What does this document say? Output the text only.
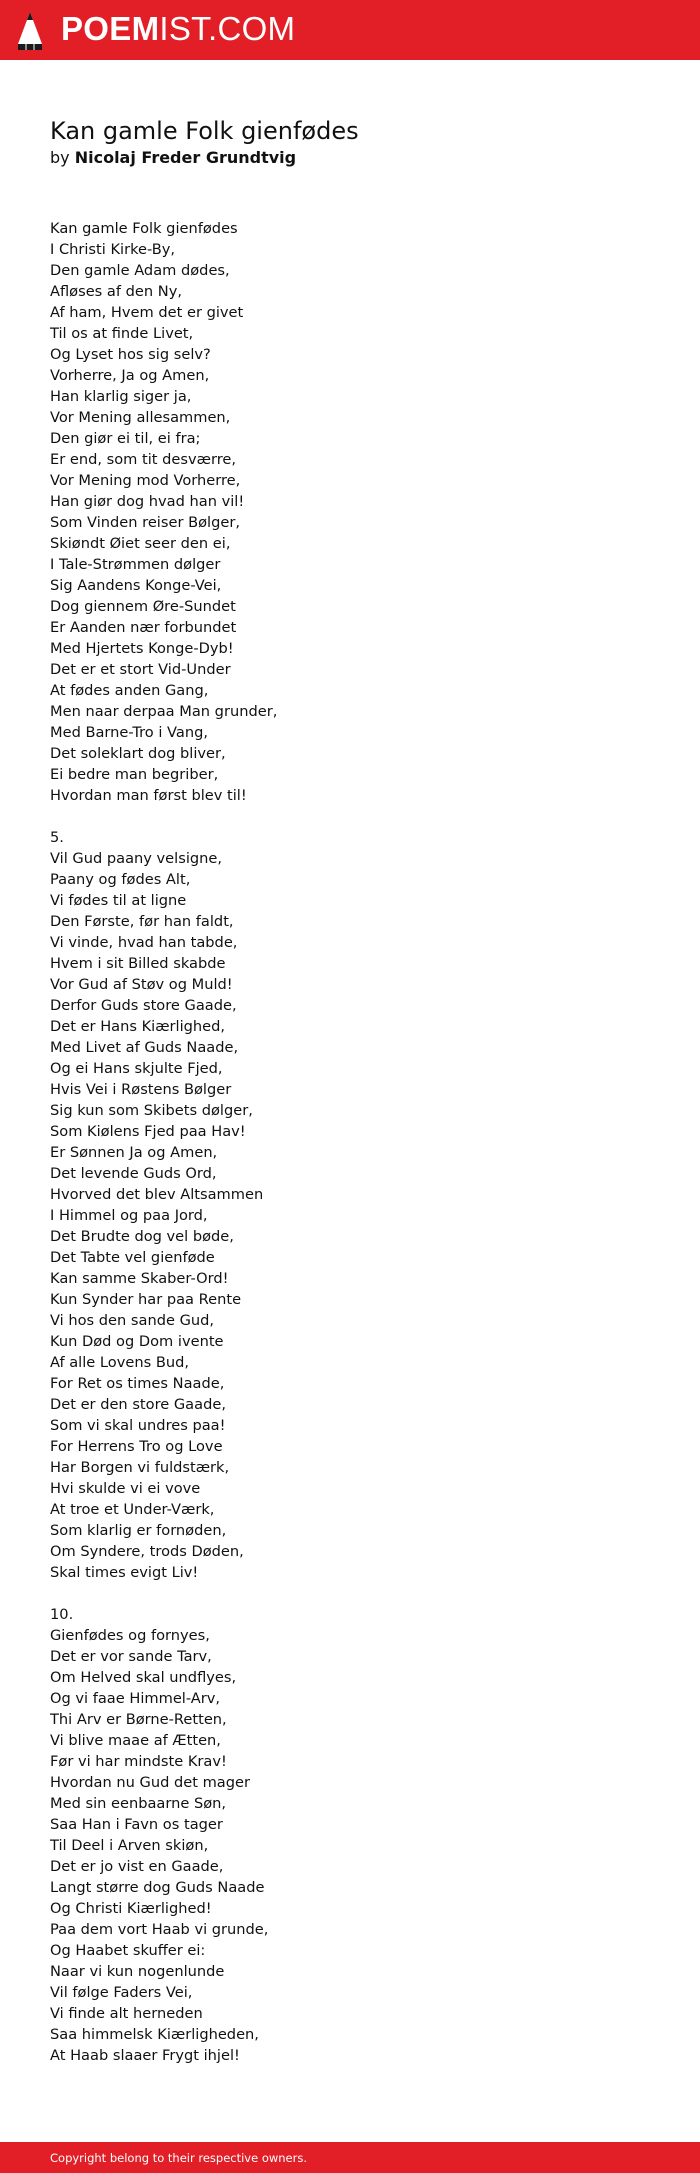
POEMIST.COM
Kan gamle Folk gienfødes
by Nicolaj Freder Grundtvig
Kan gamle Folk gienfødes
I Christi Kirke-By,
Den gamle Adam dødes,
Afløses af den Ny,
Af ham, Hvem det er givet
Til os at finde Livet,
Og Lyset hos sig selv?
Vorherre, Ja og Amen,
Han klarlig siger ja,
Vor Mening allesammen,
Den giør ei til, ei fra;
Er end, som tit desværre,
Vor Mening mod Vorherre,
Han giør dog hvad han vil!
Som Vinden reiser Bølger,
Skiøndt Øiet seer den ei,
I Tale-Strømmen dølger
Sig Aandens Konge-Vei,
Dog giennem Øre-Sundet
Er Aanden nær forbundet
Med Hjertets Konge-Dyb!
Det er et stort Vid-Under
At fødes anden Gang,
Men naar derpaa Man grunder,
Med Barne-Tro i Vang,
Det soleklart dog bliver,
Ei bedre man begriber,
Hvordan man først blev til!
5.
Vil Gud paany velsigne,
Paany og fødes Alt,
Vi fødes til at ligne
Den Første, før han faldt,
Vi vinde, hvad han tabde,
Hvem i sit Billed skabde
Vor Gud af Støv og Muld!
Derfor Guds store Gaade,
Det er Hans Kiærlighed,
Med Livet af Guds Naade,
Og ei Hans skjulte Fjed,
Hvis Vei i Røstens Bølger
Sig kun som Skibets dølger,
Som Kiølens Fjed paa Hav!
Er Sønnen Ja og Amen,
Det levende Guds Ord,
Hvorved det blev Altsammen
I Himmel og paa Jord,
Det Brudte dog vel bøde,
Det Tabte vel gienføde
Kan samme Skaber-Ord!
Kun Synder har paa Rente
Vi hos den sande Gud,
Kun Død og Dom ivente
Af alle Lovens Bud,
For Ret os times Naade,
Det er den store Gaade,
Som vi skal undres paa!
For Herrens Tro og Love
Har Borgen vi fuldstærk,
Hvi skulde vi ei vove
At troe et Under-Værk,
Som klarlig er fornøden,
Om Syndere, trods Døden,
Skal times evigt Liv!
10.
Gienfødes og fornyes,
Det er vor sande Tarv,
Om Helved skal undflyes,
Og vi faae Himmel-Arv,
Thi Arv er Børne-Retten,
Vi blive maae af Ætten,
Før vi har mindste Krav!
Hvordan nu Gud det mager
Med sin eenbaarne Søn,
Saa Han i Favn os tager
Til Deel i Arven skiøn,
Det er jo vist en Gaade,
Langt større dog Guds Naade
Og Christi Kiærlighed!
Paa dem vort Haab vi grunde,
Og Haabet skuffer ei:
Naar vi kun nogenlunde
Vil følge Faders Vei,
Vi finde alt herneden
Saa himmelsk Kiærligheden,
At Haab slaaer Frygt ihjel!
Copyright belong to their respective owners.
